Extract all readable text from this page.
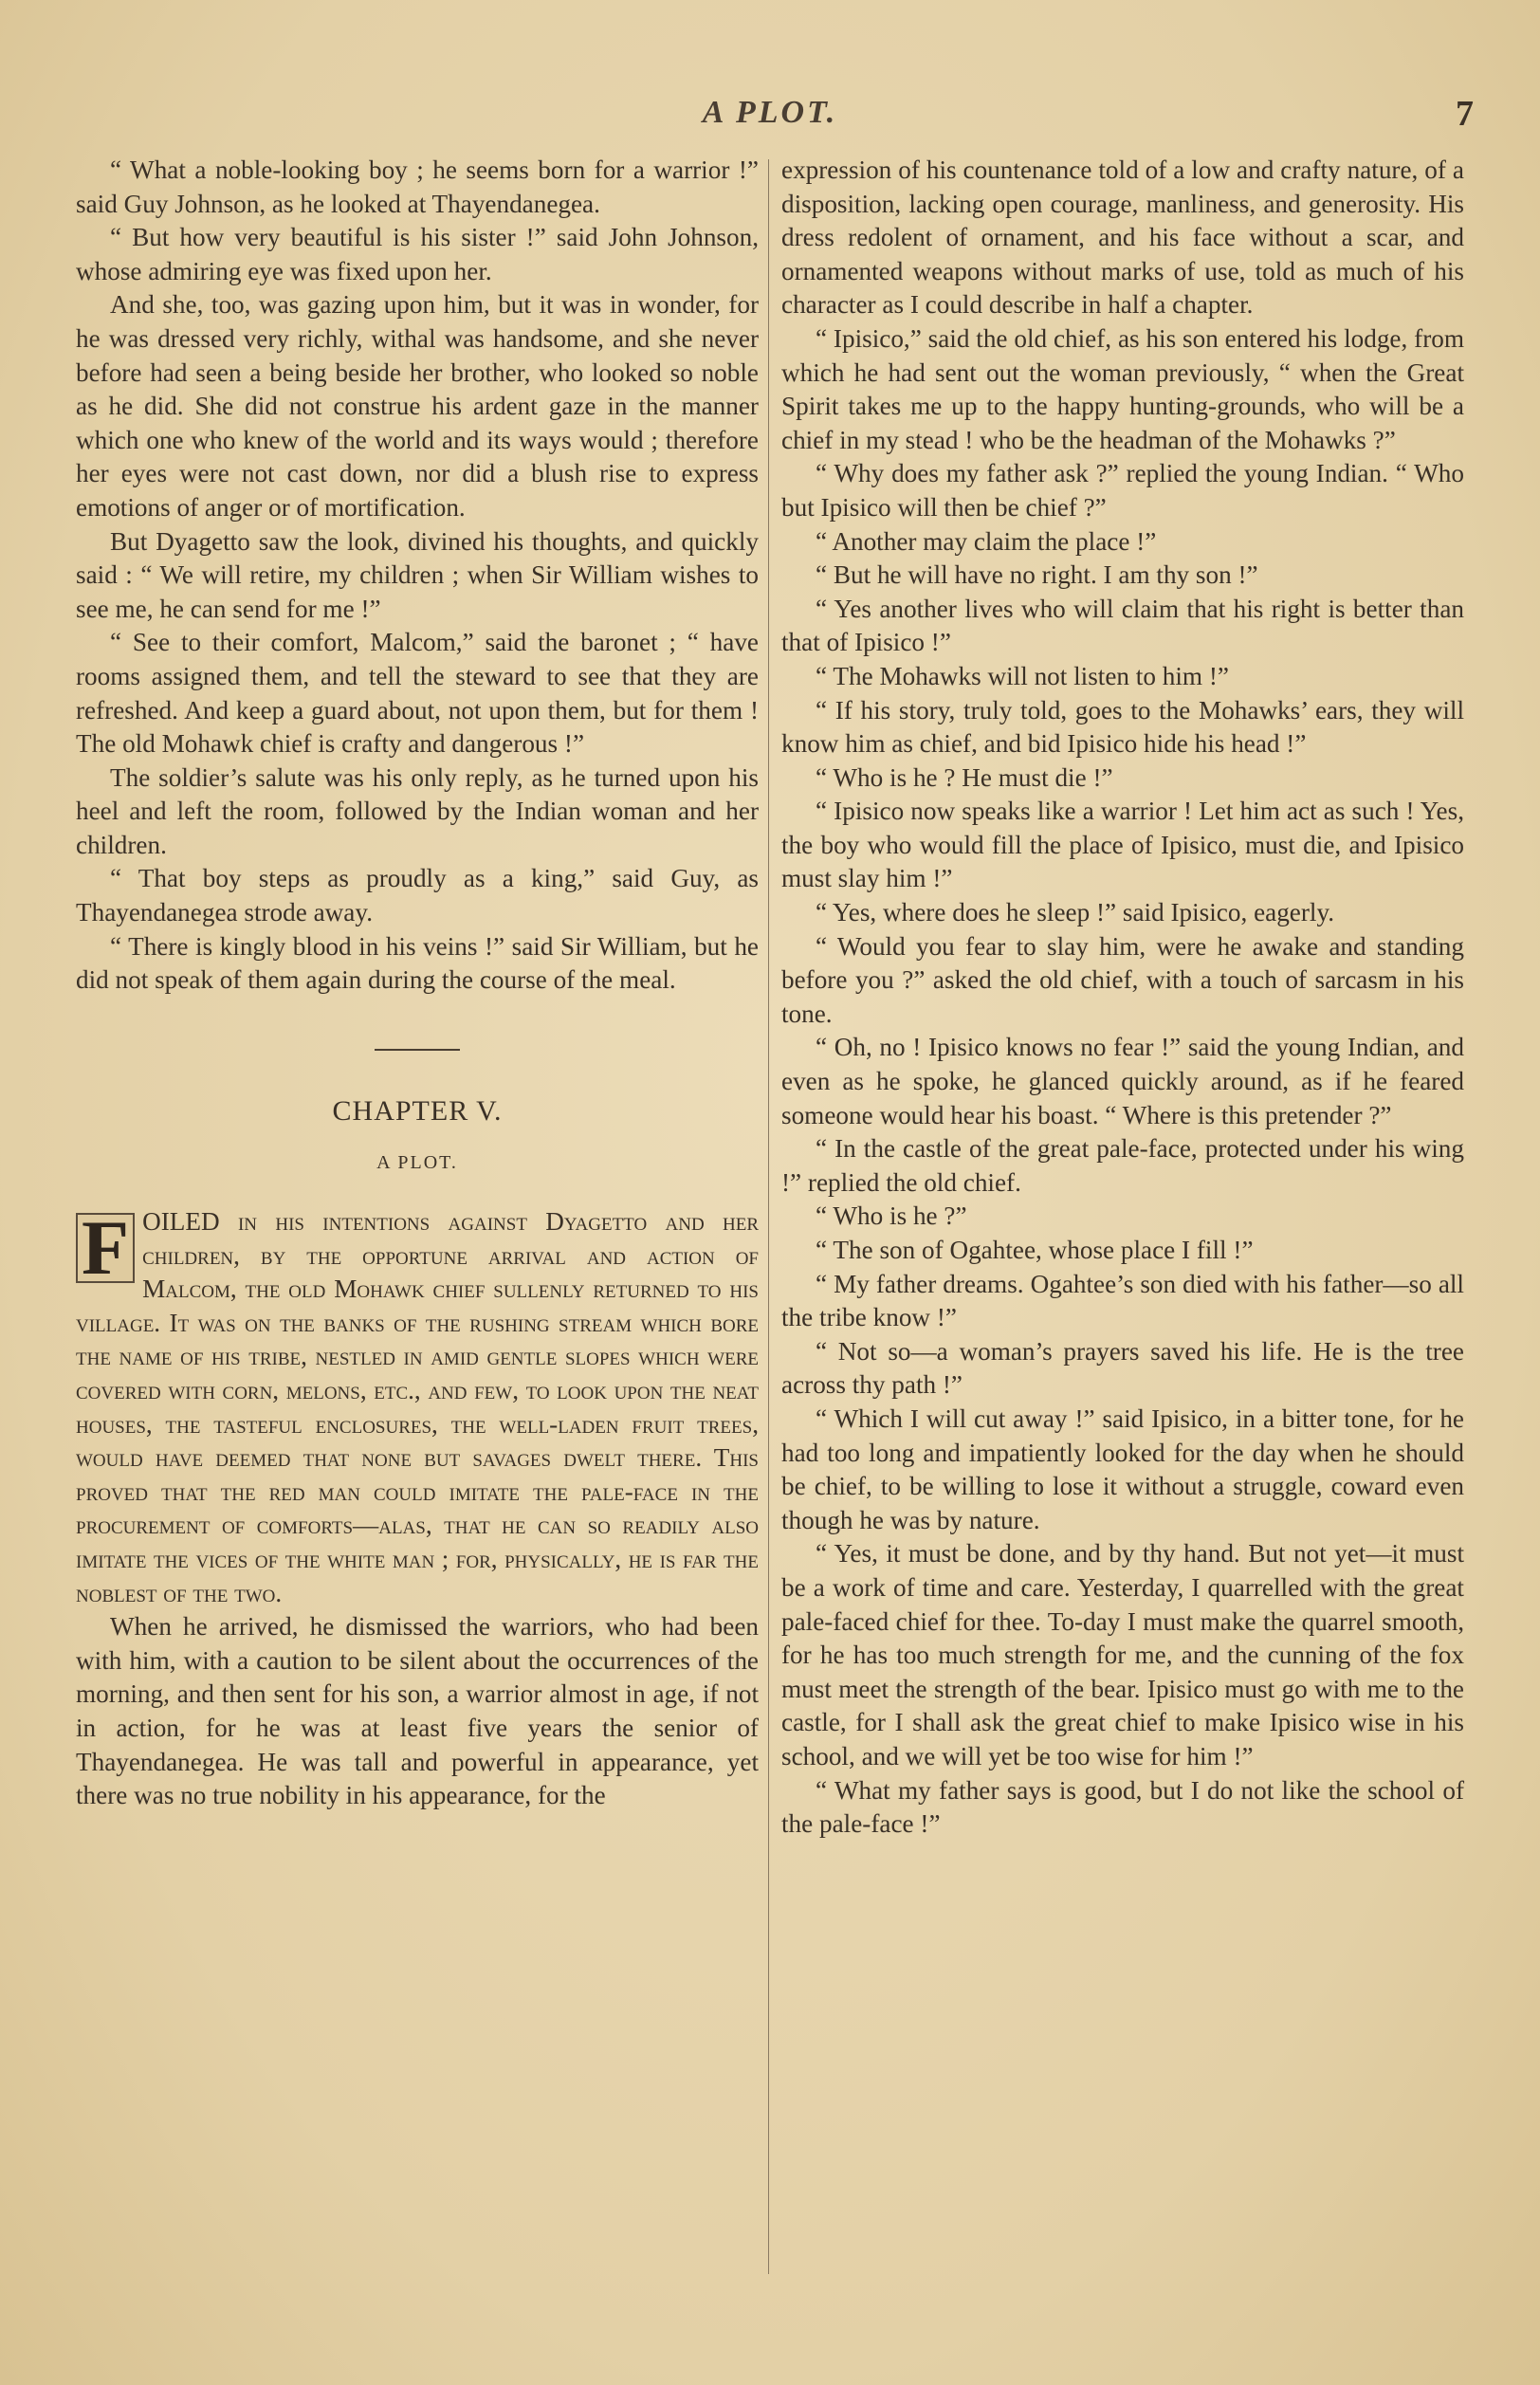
A PLOT.	7

“ What a noble-looking boy ; he seems born for a warrior !” said Guy Johnson, as he looked at Thayendanegea.

“ But how very beautiful is his sister !” said John Johnson, whose admiring eye was fixed upon her.

And she, too, was gazing upon him, but it was in wonder, for he was dressed very richly, withal was handsome, and she never before had seen a being beside her brother, who looked so noble as he did. She did not construe his ardent gaze in the manner which one who knew of the world and its ways would ; therefore her eyes were not cast down, nor did a blush rise to express emotions of anger or of mortification.

But Dyagetto saw the look, divined his thoughts, and quickly said : “ We will retire, my children ; when Sir William wishes to see me, he can send for me !”

“ See to their comfort, Malcom,” said the baronet ; “ have rooms assigned them, and tell the steward to see that they are refreshed. And keep a guard about, not upon them, but for them ! The old Mohawk chief is crafty and dangerous !”

The soldier’s salute was his only reply, as he turned upon his heel and left the room, followed by the Indian woman and her children.

“ That boy steps as proudly as a king,” said Guy, as Thayendanegea strode away.

“ There is kingly blood in his veins !” said Sir William, but he did not speak of them again during the course of the meal.

CHAPTER V.

A PLOT.

F OILED in his intentions against Dyagetto and her children, by the opportune arrival and action of Malcom, the old Mohawk chief sullenly returned to his village. It was on the banks of the rushing stream which bore the name of his tribe, nestled in amid gentle slopes which were covered with corn, melons, etc., and few, to look upon the neat houses, the tasteful enclosures, the well-laden fruit trees, would have deemed that none but savages dwelt there. This proved that the red man could imitate the pale-face in the procurement of comforts—alas, that he can so readily also imitate the vices of the white man ; for, physically, he is far the noblest of the two.

When he arrived, he dismissed the warriors, who had been with him, with a caution to be silent about the occurrences of the morning, and then sent for his son, a warrior almost in age, if not in action, for he was at least five years the senior of Thayendanegea. He was tall and powerful in appearance, yet there was no true nobility in his appearance, for the

expression of his countenance told of a low and crafty nature, of a disposition, lacking open courage, manliness, and generosity. His dress redolent of ornament, and his face without a scar, and ornamented weapons without marks of use, told as much of his character as I could describe in half a chapter.

“ Ipisico,” said the old chief, as his son entered his lodge, from which he had sent out the woman previously, “ when the Great Spirit takes me up to the happy hunting-grounds, who will be a chief in my stead ! who be the headman of the Mohawks ?”

“ Why does my father ask ?” replied the young Indian. “ Who but Ipisico will then be chief ?”

“ Another may claim the place !”

“ But he will have no right. I am thy son !”

“ Yes another lives who will claim that his right is better than that of Ipisico !”

“ The Mohawks will not listen to him !”

“ If his story, truly told, goes to the Mohawks’ ears, they will know him as chief, and bid Ipisico hide his head !”

“ Who is he ? He must die !”

“ Ipisico now speaks like a warrior ! Let him act as such ! Yes, the boy who would fill the place of Ipisico, must die, and Ipisico must slay him !”

“ Yes, where does he sleep !” said Ipisico, eagerly.

“ Would you fear to slay him, were he awake and standing before you ?” asked the old chief, with a touch of sarcasm in his tone.

“ Oh, no ! Ipisico knows no fear !” said the young Indian, and even as he spoke, he glanced quickly around, as if he feared someone would hear his boast. “ Where is this pretender ?”

“ In the castle of the great pale-face, protected under his wing !” replied the old chief.

“ Who is he ?”

“ The son of Ogahtee, whose place I fill !”

“ My father dreams. Ogahtee’s son died with his father—so all the tribe know !”

“ Not so—a woman’s prayers saved his life. He is the tree across thy path !”

“ Which I will cut away !” said Ipisico, in a bitter tone, for he had too long and impatiently looked for the day when he should be chief, to be willing to lose it without a struggle, coward even though he was by nature.

“ Yes, it must be done, and by thy hand. But not yet—it must be a work of time and care. Yesterday, I quarrelled with the great pale-faced chief for thee. To-day I must make the quarrel smooth, for he has too much strength for me, and the cunning of the fox must meet the strength of the bear. Ipisico must go with me to the castle, for I shall ask the great chief to make Ipisico wise in his school, and we will yet be too wise for him !”

“ What my father says is good, but I do not like the school of the pale-face !”
